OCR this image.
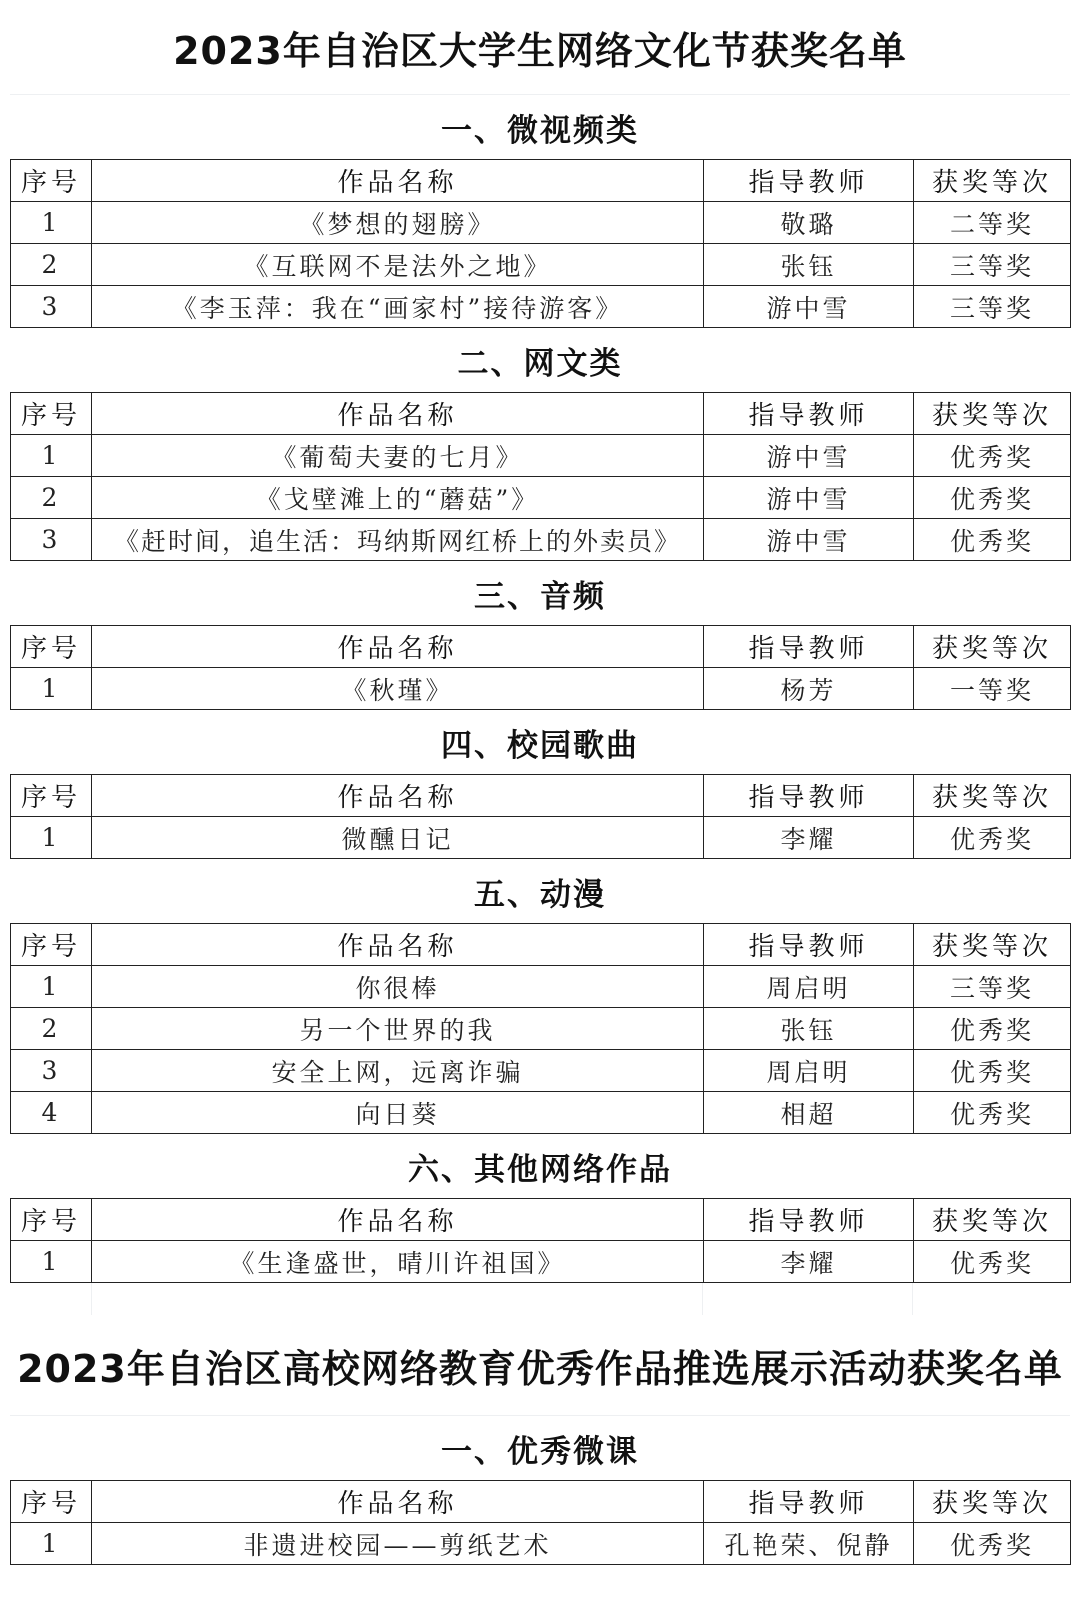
2023年自治区大学生网络文化节获奖名单
一、微视频类
序号	作品名称	指导教师	获奖等次
1	《梦想的翅膀》	敬璐	二等奖
2	《互联网不是法外之地》	张钰	三等奖
3	《李玉萍：我在“画家村”接待游客》	游中雪	三等奖
二、网文类
序号	作品名称	指导教师	获奖等次
1	《葡萄夫妻的七月》	游中雪	优秀奖
2	《戈壁滩上的“蘑菇”》	游中雪	优秀奖
3	《赶时间，追生活：玛纳斯网红桥上的外卖员》	游中雪	优秀奖
三、音频
序号	作品名称	指导教师	获奖等次
1	《秋瑾》	杨芳	一等奖
四、校园歌曲
序号	作品名称	指导教师	获奖等次
1	微醺日记	李耀	优秀奖
五、动漫
序号	作品名称	指导教师	获奖等次
1	你很棒	周启明	三等奖
2	另一个世界的我	张钰	优秀奖
3	安全上网，远离诈骗	周启明	优秀奖
4	向日葵	相超	优秀奖
六、其他网络作品
序号	作品名称	指导教师	获奖等次
1	《生逢盛世，晴川许祖国》	李耀	优秀奖
2023年自治区高校网络教育优秀作品推选展示活动获奖名单
一、优秀微课
序号	作品名称	指导教师	获奖等次
1	非遗进校园——剪纸艺术	孔艳荣、倪静	优秀奖
